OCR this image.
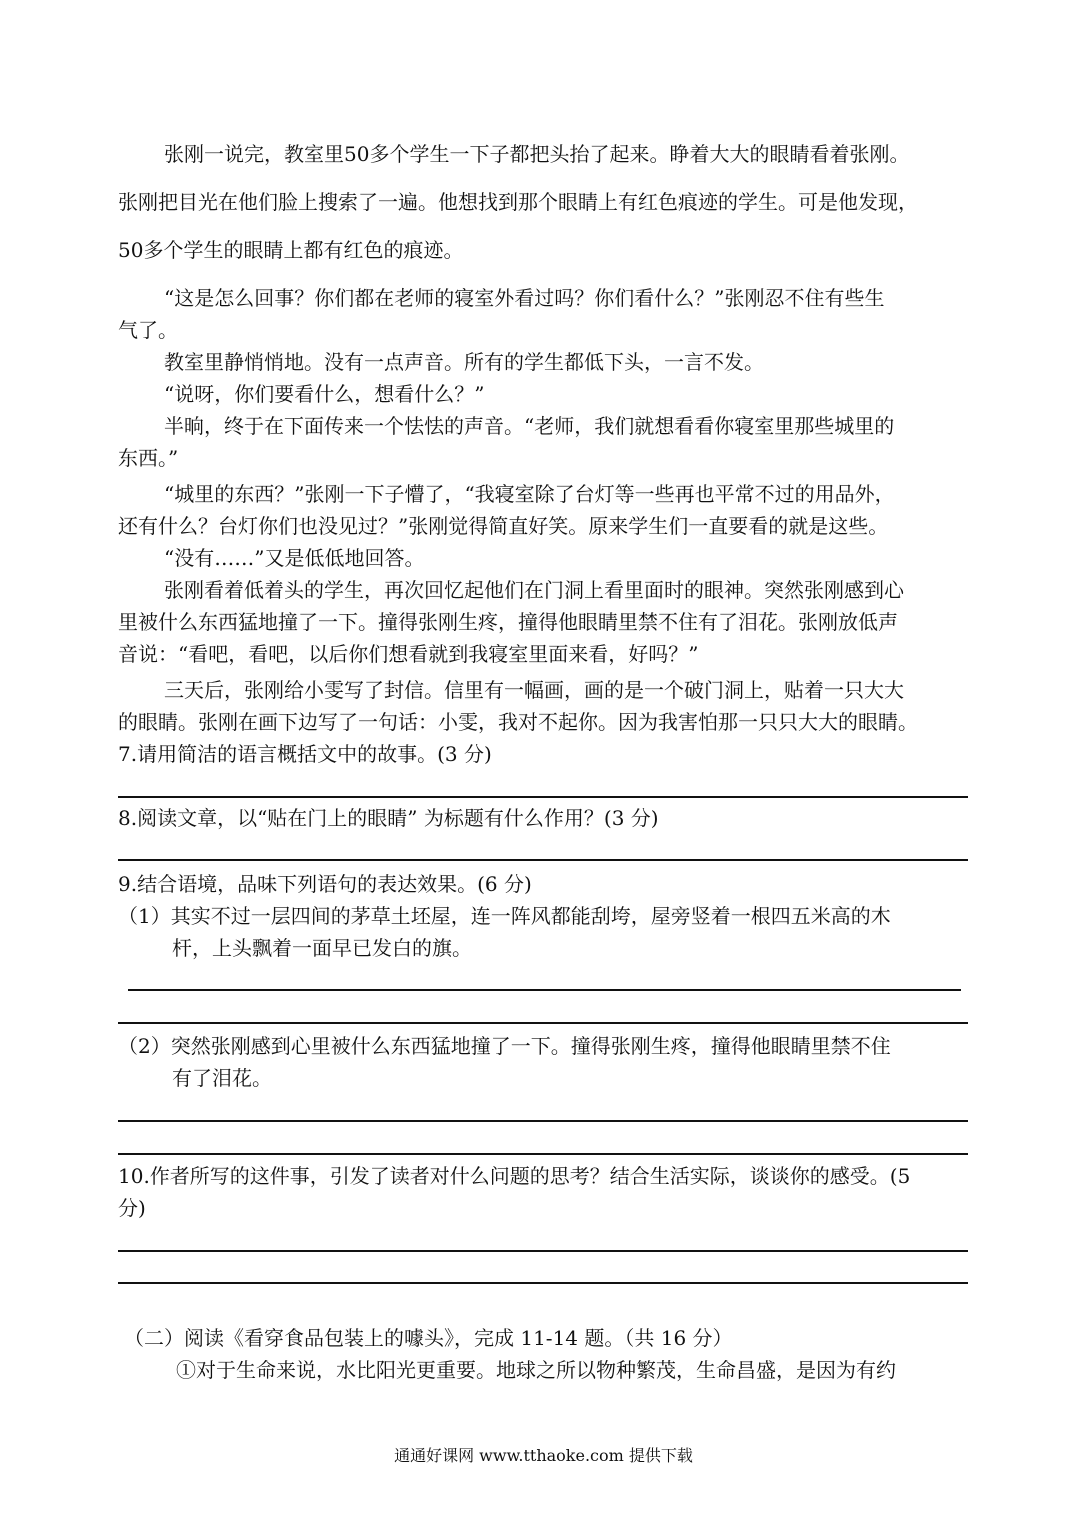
张刚一说完，教室里50多个学生一下子都把头抬了起来。睁着大大的眼睛看着张刚。
张刚把目光在他们脸上搜索了一遍。他想找到那个眼睛上有红色痕迹的学生。可是他发现，
50多个学生的眼睛上都有红色的痕迹。
“这是怎么回事？你们都在老师的寝室外看过吗？你们看什么？”张刚忍不住有些生
气了。
教室里静悄悄地。没有一点声音。所有的学生都低下头，一言不发。
“说呀，你们要看什么，想看什么？”
半晌，终于在下面传来一个怯怯的声音。“老师，我们就想看看你寝室里那些城里的
东西。”
“城里的东西？”张刚一下子懵了，“我寝室除了台灯等一些再也平常不过的用品外，
还有什么？台灯你们也没见过？”张刚觉得简直好笑。原来学生们一直要看的就是这些。
“没有……”又是低低地回答。
张刚看着低着头的学生，再次回忆起他们在门洞上看里面时的眼神。突然张刚感到心
里被什么东西猛地撞了一下。撞得张刚生疼，撞得他眼睛里禁不住有了泪花。张刚放低声
音说：“看吧，看吧，以后你们想看就到我寝室里面来看，好吗？”
三天后，张刚给小雯写了封信。信里有一幅画，画的是一个破门洞上，贴着一只大大
的眼睛。张刚在画下边写了一句话：小雯，我对不起你。因为我害怕那一只只大大的眼睛。
7.请用简洁的语言概括文中的故事。(3 分)
8.阅读文章，以“贴在门上的眼睛” 为标题有什么作用？(3 分)
9.结合语境，品味下列语句的表达效果。(6 分)
（1）其实不过一层四间的茅草土坯屋，连一阵风都能刮垮，屋旁竖着一根四五米高的木
杆，上头飘着一面早已发白的旗。
（2）突然张刚感到心里被什么东西猛地撞了一下。撞得张刚生疼，撞得他眼睛里禁不住
有了泪花。
10.作者所写的这件事，引发了读者对什么问题的思考？结合生活实际，谈谈你的感受。(5
分)
（二）阅读《看穿食品包装上的噱头》，完成 11-14 题。（共 16 分）
①对于生命来说，水比阳光更重要。地球之所以物种繁茂，生命昌盛，是因为有约
通通好课网 www.tthaoke.com 提供下载
